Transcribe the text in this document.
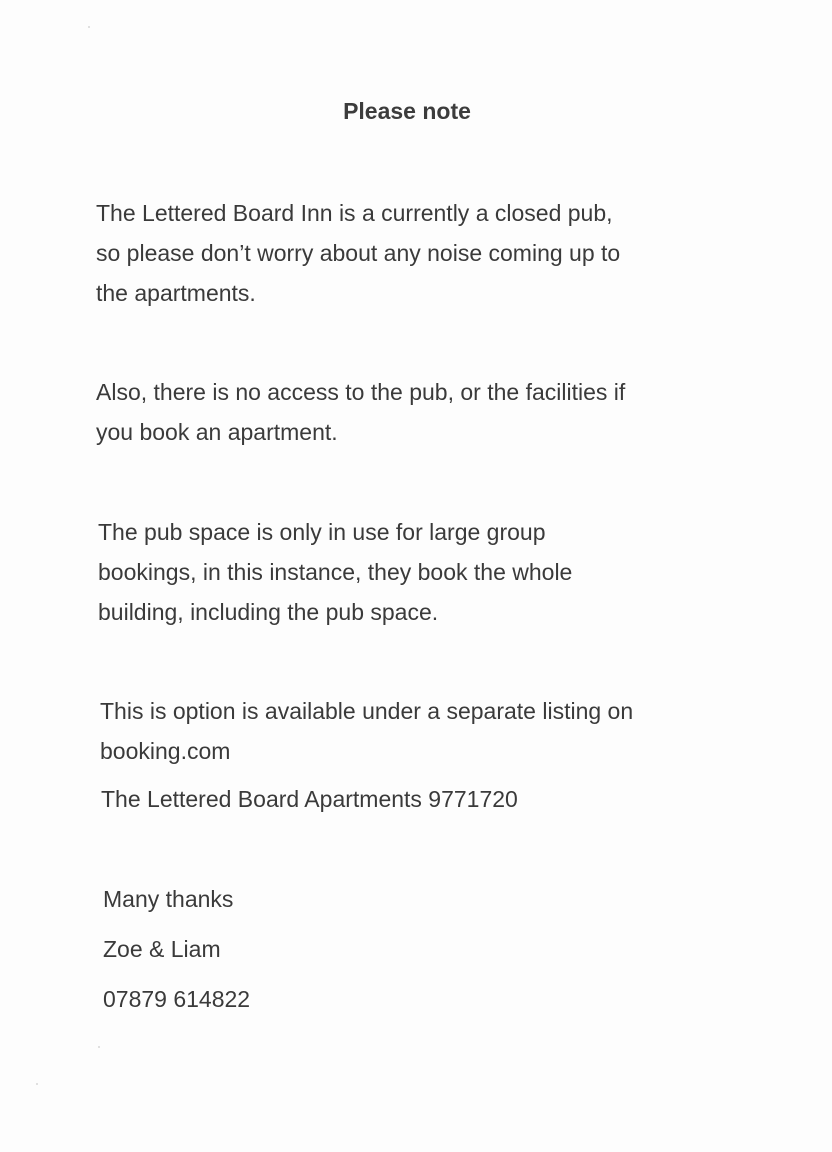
Please note

The Lettered Board Inn is a currently a closed pub,
so please don’t worry about any noise coming up to
the apartments.

Also, there is no access to the pub, or the facilities if
you book an apartment.

The pub space is only in use for large group
bookings, in this instance, they book the whole
building, including the pub space.

This is option is available under a separate listing on
booking.com

The Lettered Board Apartments 9771720
Many thanks
Zoe & Liam
07879 614822
